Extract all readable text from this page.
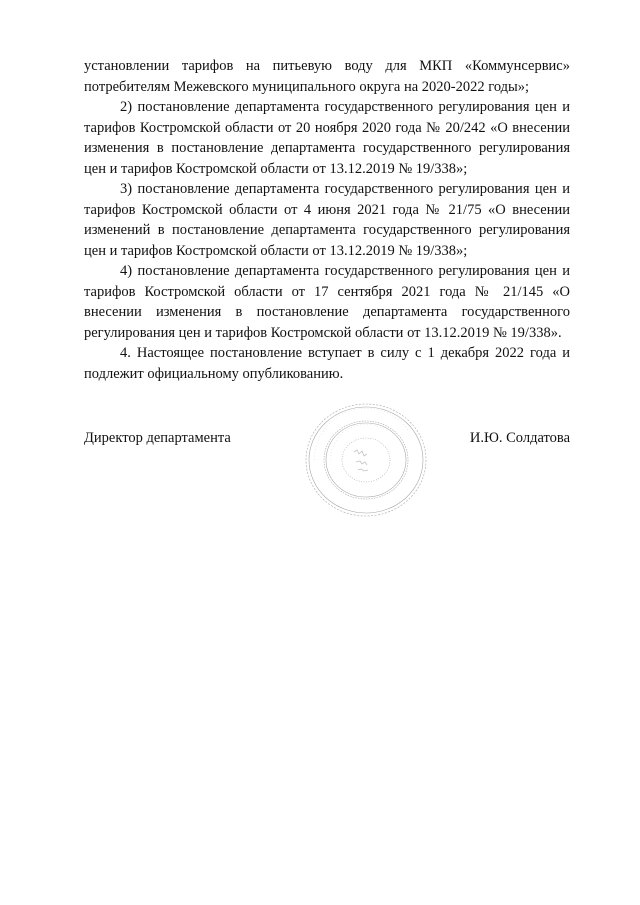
установлении тарифов на питьевую воду для МКП «Коммунсервис» потребителям Межевского муниципального округа на 2020-2022 годы»;

2) постановление департамента государственного регулирования цен и тарифов Костромской области от 20 ноября 2020 года № 20/242 «О внесении изменения в постановление департамента государственного регулирования цен и тарифов Костромской области от 13.12.2019 № 19/338»;

3) постановление департамента государственного регулирования цен и тарифов Костромской области от 4 июня 2021 года № 21/75 «О внесении изменений в постановление департамента государственного регулирования цен и тарифов Костромской области от 13.12.2019 № 19/338»;

4) постановление департамента государственного регулирования цен и тарифов Костромской области от 17 сентября 2021 года № 21/145 «О внесении изменения в постановление департамента государственного регулирования цен и тарифов Костромской области от 13.12.2019 № 19/338».

4. Настоящее постановление вступает в силу с 1 декабря 2022 года и подлежит официальному опубликованию.

Директор департамента
· · · · · · · · · · · · · · · · · · · · · · · · · · · · · · · · · · · · · · · ·
· · · · · · · · · · · · · · · · · · · · · · · ·	И.Ю. Солдатова
